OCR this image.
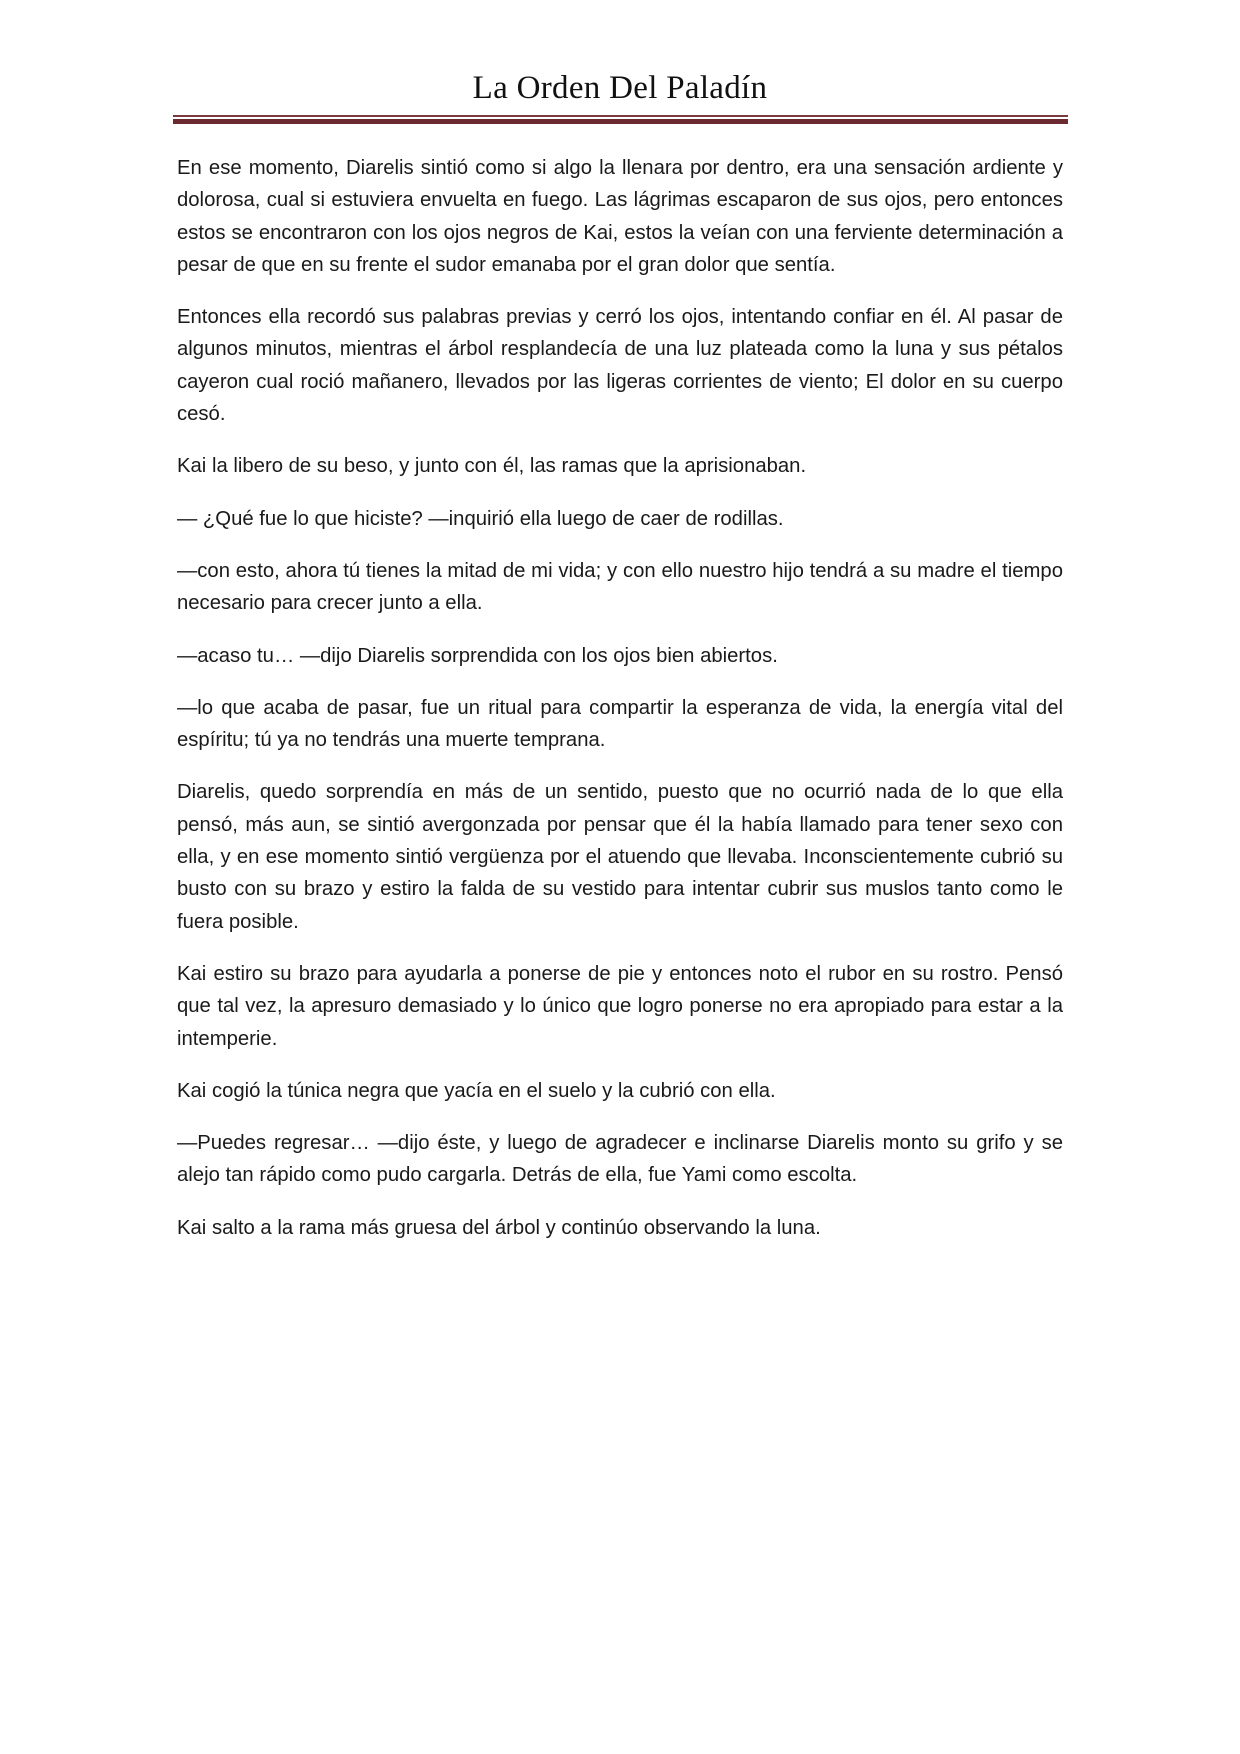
La Orden Del Paladín

En ese momento, Diarelis sintió como si algo la llenara por dentro, era una sensación ardiente y dolorosa, cual si estuviera envuelta en fuego. Las lágrimas escaparon de sus ojos, pero entonces estos se encontraron con los ojos negros de Kai, estos la veían con una ferviente determinación a pesar de que en su frente el sudor emanaba por el gran dolor que sentía.

Entonces ella recordó sus palabras previas y cerró los ojos, intentando confiar en él. Al pasar de algunos minutos, mientras el árbol resplandecía de una luz plateada como la luna y sus pétalos cayeron cual roció mañanero, llevados por las ligeras corrientes de viento; El dolor en su cuerpo cesó.

Kai la libero de su beso, y junto con él, las ramas que la aprisionaban.

— ¿Qué fue lo que hiciste? —inquirió ella luego de caer de rodillas.

—con esto, ahora tú tienes la mitad de mi vida; y con ello nuestro hijo tendrá a su madre el tiempo necesario para crecer junto a ella.

—acaso tu… —dijo Diarelis sorprendida con los ojos bien abiertos.

—lo que acaba de pasar, fue un ritual para compartir la esperanza de vida, la energía vital del espíritu; tú ya no tendrás una muerte temprana.

Diarelis, quedo sorprendía en más de un sentido, puesto que no ocurrió nada de lo que ella pensó, más aun, se sintió avergonzada por pensar que él la había llamado para tener sexo con ella, y en ese momento sintió vergüenza por el atuendo que llevaba. Inconscientemente cubrió su busto con su brazo y estiro la falda de su vestido para intentar cubrir sus muslos tanto como le fuera posible.

Kai estiro su brazo para ayudarla a ponerse de pie y entonces noto el rubor en su rostro. Pensó que tal vez, la apresuro demasiado y lo único que logro ponerse no era apropiado para estar a la intemperie.

Kai cogió la túnica negra que yacía en el suelo y la cubrió con ella.

—Puedes regresar… —dijo éste, y luego de agradecer e inclinarse Diarelis monto su grifo y se alejo tan rápido como pudo cargarla. Detrás de ella, fue Yami como escolta.

Kai salto a la rama más gruesa del árbol y continúo observando la luna.
